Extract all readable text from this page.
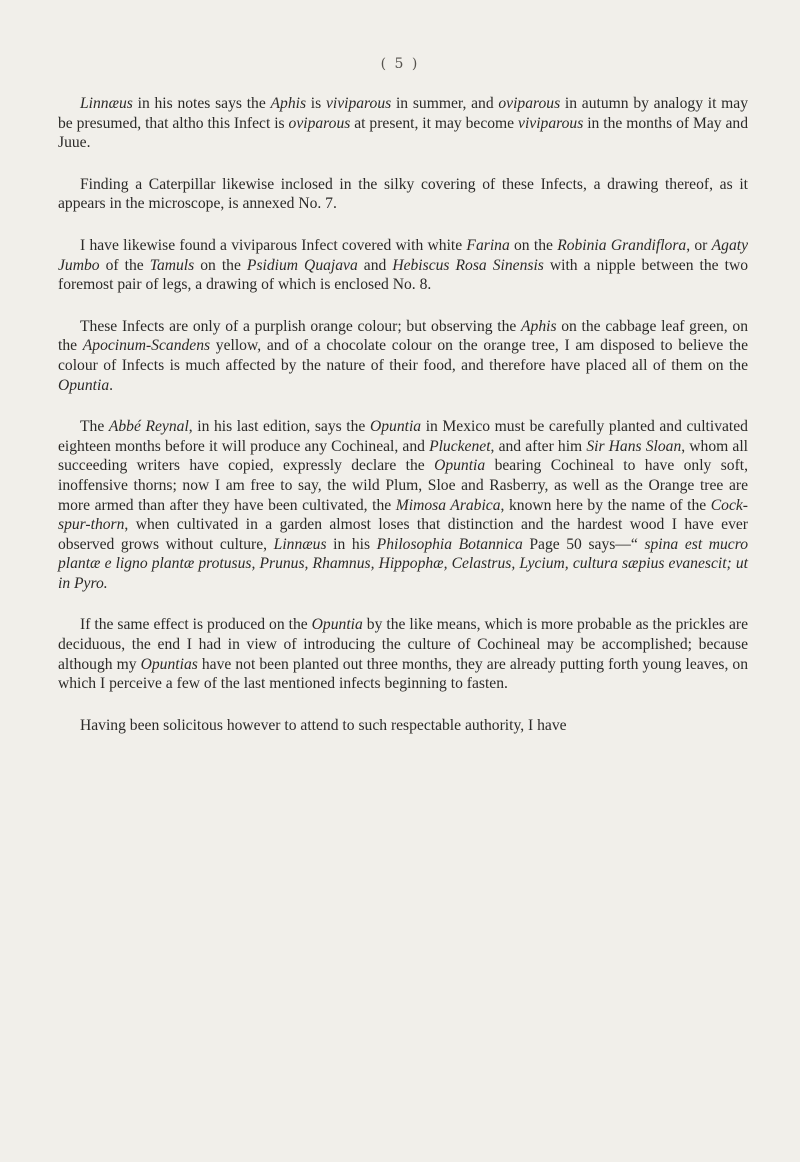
( 5 )

Linnæus in his notes says the Aphis is viviparous in summer, and oviparous in autumn by analogy it may be presumed, that altho this Infect is oviparous at present, it may become viviparous in the months of May and Juue.

Finding a Caterpillar likewise inclosed in the silky covering of these Infects, a drawing thereof, as it appears in the microscope, is annexed No. 7.

I have likewise found a viviparous Infect covered with white Farina on the Robinia Grandiflora, or Agaty Jumbo of the Tamuls on the Psidium Quajava and Hebiscus Rosa Sinensis with a nipple between the two foremost pair of legs, a drawing of which is enclosed No. 8.

These Infects are only of a purplish orange colour; but observing the Aphis on the cabbage leaf green, on the Apocinum-Scandens yellow, and of a chocolate colour on the orange tree, I am disposed to believe the colour of Infects is much affected by the nature of their food, and therefore have placed all of them on the Opuntia.

The Abbé Reynal, in his last edition, says the Opuntia in Mexico must be carefully planted and cultivated eighteen months before it will produce any Cochineal, and Pluckenet, and after him Sir Hans Sloan, whom all succeeding writers have copied, expressly declare the Opuntia bearing Cochineal to have only soft, inoffensive thorns; now I am free to say, the wild Plum, Sloe and Rasberry, as well as the Orange tree are more armed than after they have been cultivated, the Mimosa Arabica, known here by the name of the Cock-spur-thorn, when cultivated in a garden almost loses that distinction and the hardest wood I have ever observed grows without culture, Linnæus in his Philosophia Botannica Page 50 says—“ spina est mucro plantæ e ligno plantæ protusus, Prunus, Rhamnus, Hippophæ, Celastrus, Lycium, cultura sæpius evanescit; ut in Pyro.

If the same effect is produced on the Opuntia by the like means, which is more probable as the prickles are deciduous, the end I had in view of introducing the culture of Cochineal may be accomplished; because although my Opuntias have not been planted out three months, they are already putting forth young leaves, on which I perceive a few of the last mentioned infects beginning to fasten.

Having been solicitous however to attend to such respectable authority, I have
